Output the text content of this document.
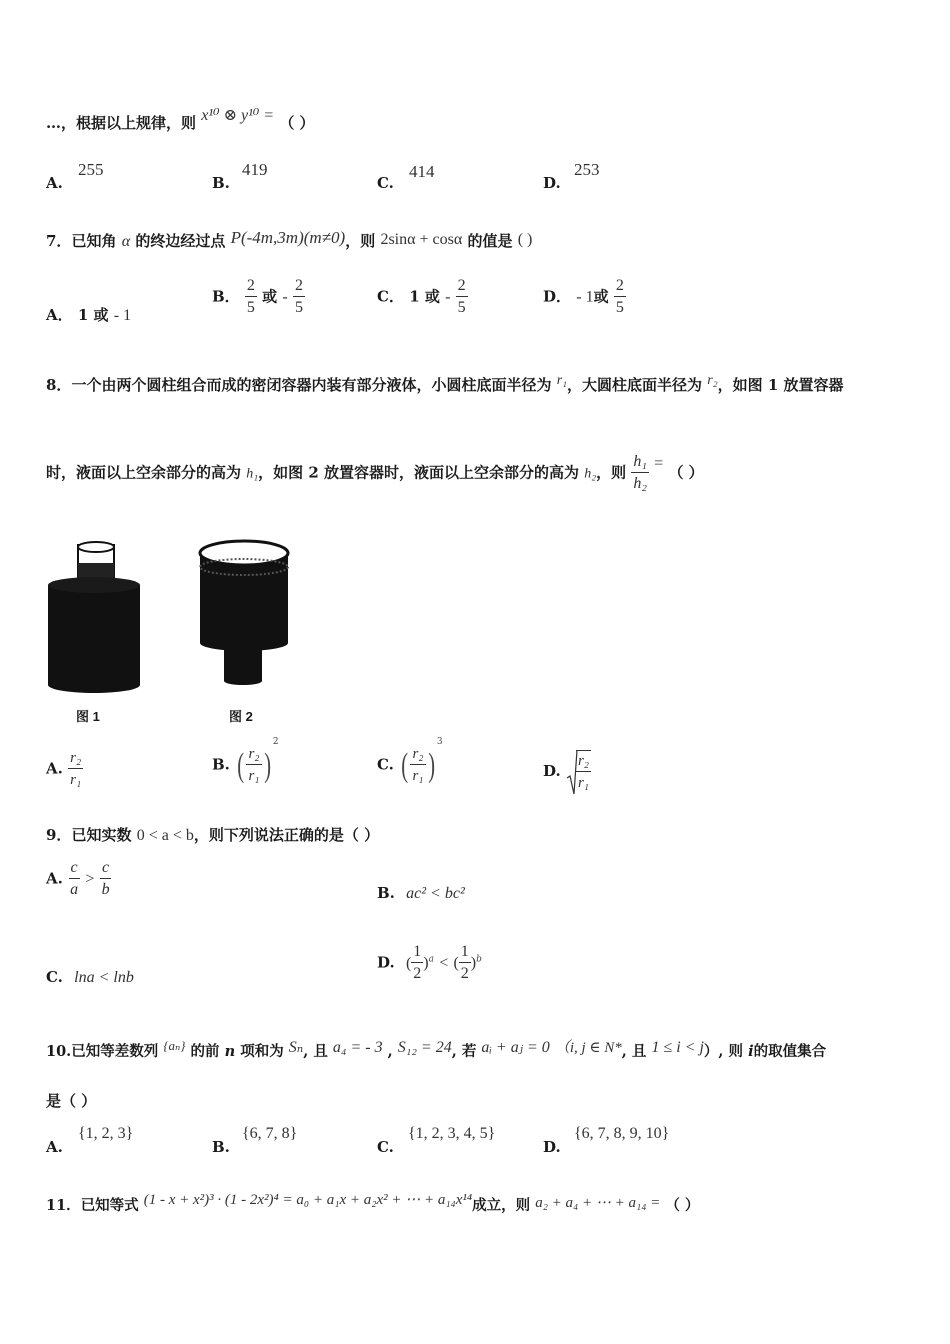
…，根据以上规律，则 x¹⁰ ⊗ y¹⁰ = （ ）
A.
255
B.
419
C.
414
D.
253
7．已知角 α 的终边经过点 P(-4m,3m)(m≠0)，则 2sinα + cosα 的值是 ( )
A． 1 或 - 1
B． $\frac{2}{5}$ 或 - $\frac{2}{5}$	C． 1 或 - $\frac{2}{5}$	D． - 1或 $\frac{2}{5}$
8．一个由两个圆柱组合而成的密闭容器内装有部分液体，小圆柱底面半径为 r₁，大圆柱底面半径为 r₂，如图 1 放置容器
时，液面以上空余部分的高为 h₁，如图 2 放置容器时，液面以上空余部分的高为 h₂，则 $\frac{\text{h₁}}{\text{h₂}}$ = （ ）
图 1	图 2
A. $\frac{\text{r₂}}{\text{r₁}}$	B. ( $\frac{\text{r₂}}{\text{r₁}} )^2$
C. ( $\frac{\text{r₂}}{\text{r₁}} )^3$
D. $\frac{\text{r₂}}{\text{r₁}}$
9．已知实数 0 < a < b，则下列说法正确的是（ ）
A. $\frac{c}{a} > \frac{c}{b}$	B. ac² < bc²
C. lna < lnb
D. ( $\frac{1}{2} )^a$ < ( $\frac{1}{2} )^b$
10.已知等差数列 {aₙ} 的前 n 项和为 Sₙ, 且 a₄ = - 3 , S₁₂ = 24, 若 aᵢ + aⱼ = 0 （i, j ∈ N*, 且 1 ≤ i < j）, 则 i的取值集合
是（ ）
A.
{1, 2, 3}
B.
{6, 7, 8}
C.
{1, 2, 3, 4, 5}
D.
{6, 7, 8, 9, 10}
11．已知等式 (1 - x + x²)³ · (1 - 2x²)⁴ = a₀ + a₁x + a₂x² + ⋯ + a₁₄x¹⁴成立，则 a₂ + a₄ + ⋯ + a₁₄ = （ ）
